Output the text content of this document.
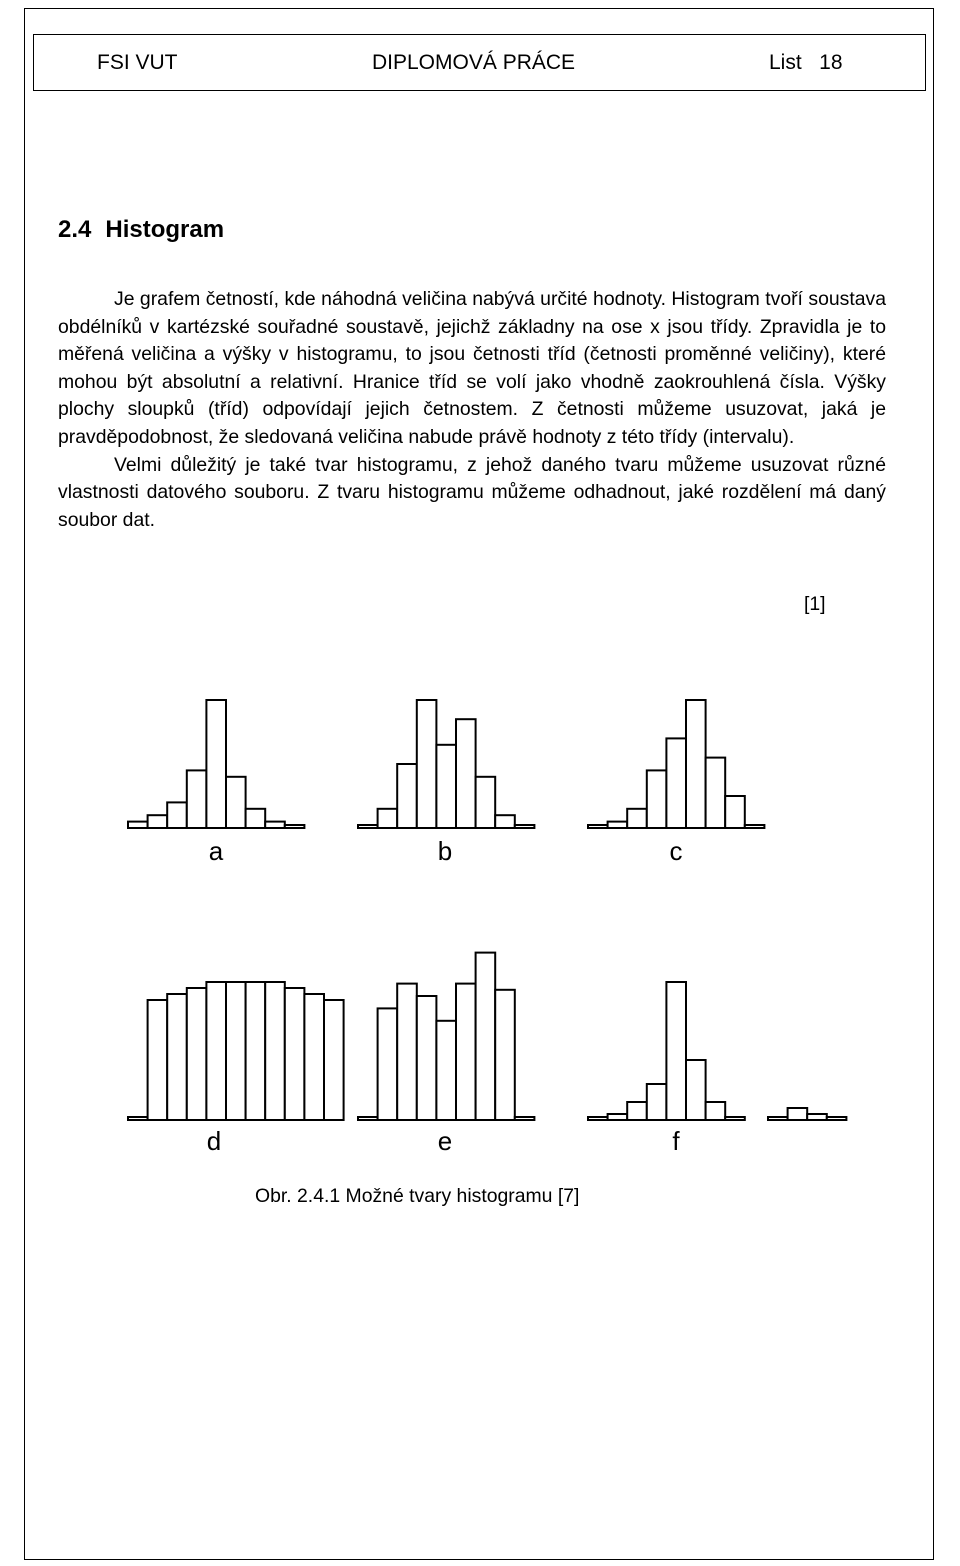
FSI VUT	DIPLOMOVÁ PRÁCE	List   18
2.4 Histogram

Je grafem četností, kde náhodná veličina nabývá určité hodnoty. Histogram tvoří soustava obdélníků v kartézské souřadné soustavě, jejichž základny na ose x jsou třídy. Zpravidla je to měřená veličina a výšky v histogramu, to jsou četnosti tříd (četnosti proměnné veličiny), které mohou být absolutní a relativní. Hranice tříd se volí jako vhodně zaokrouhlená čísla. Výšky plochy sloupků (tříd) odpovídají jejich četnostem. Z četnosti můžeme usuzovat, jaká je pravděpodobnost, že sledovaná veličina nabude právě hodnoty z této třídy (intervalu).

Velmi důležitý je také tvar histogramu, z jehož daného tvaru můžeme usuzovat různé vlastnosti datového souboru. Z tvaru histogramu můžeme odhadnout, jaké rozdělení má daný soubor dat.

[1]
a	b	c
d	e	f
Obr. 2.4.1 Možné tvary histogramu [7]
